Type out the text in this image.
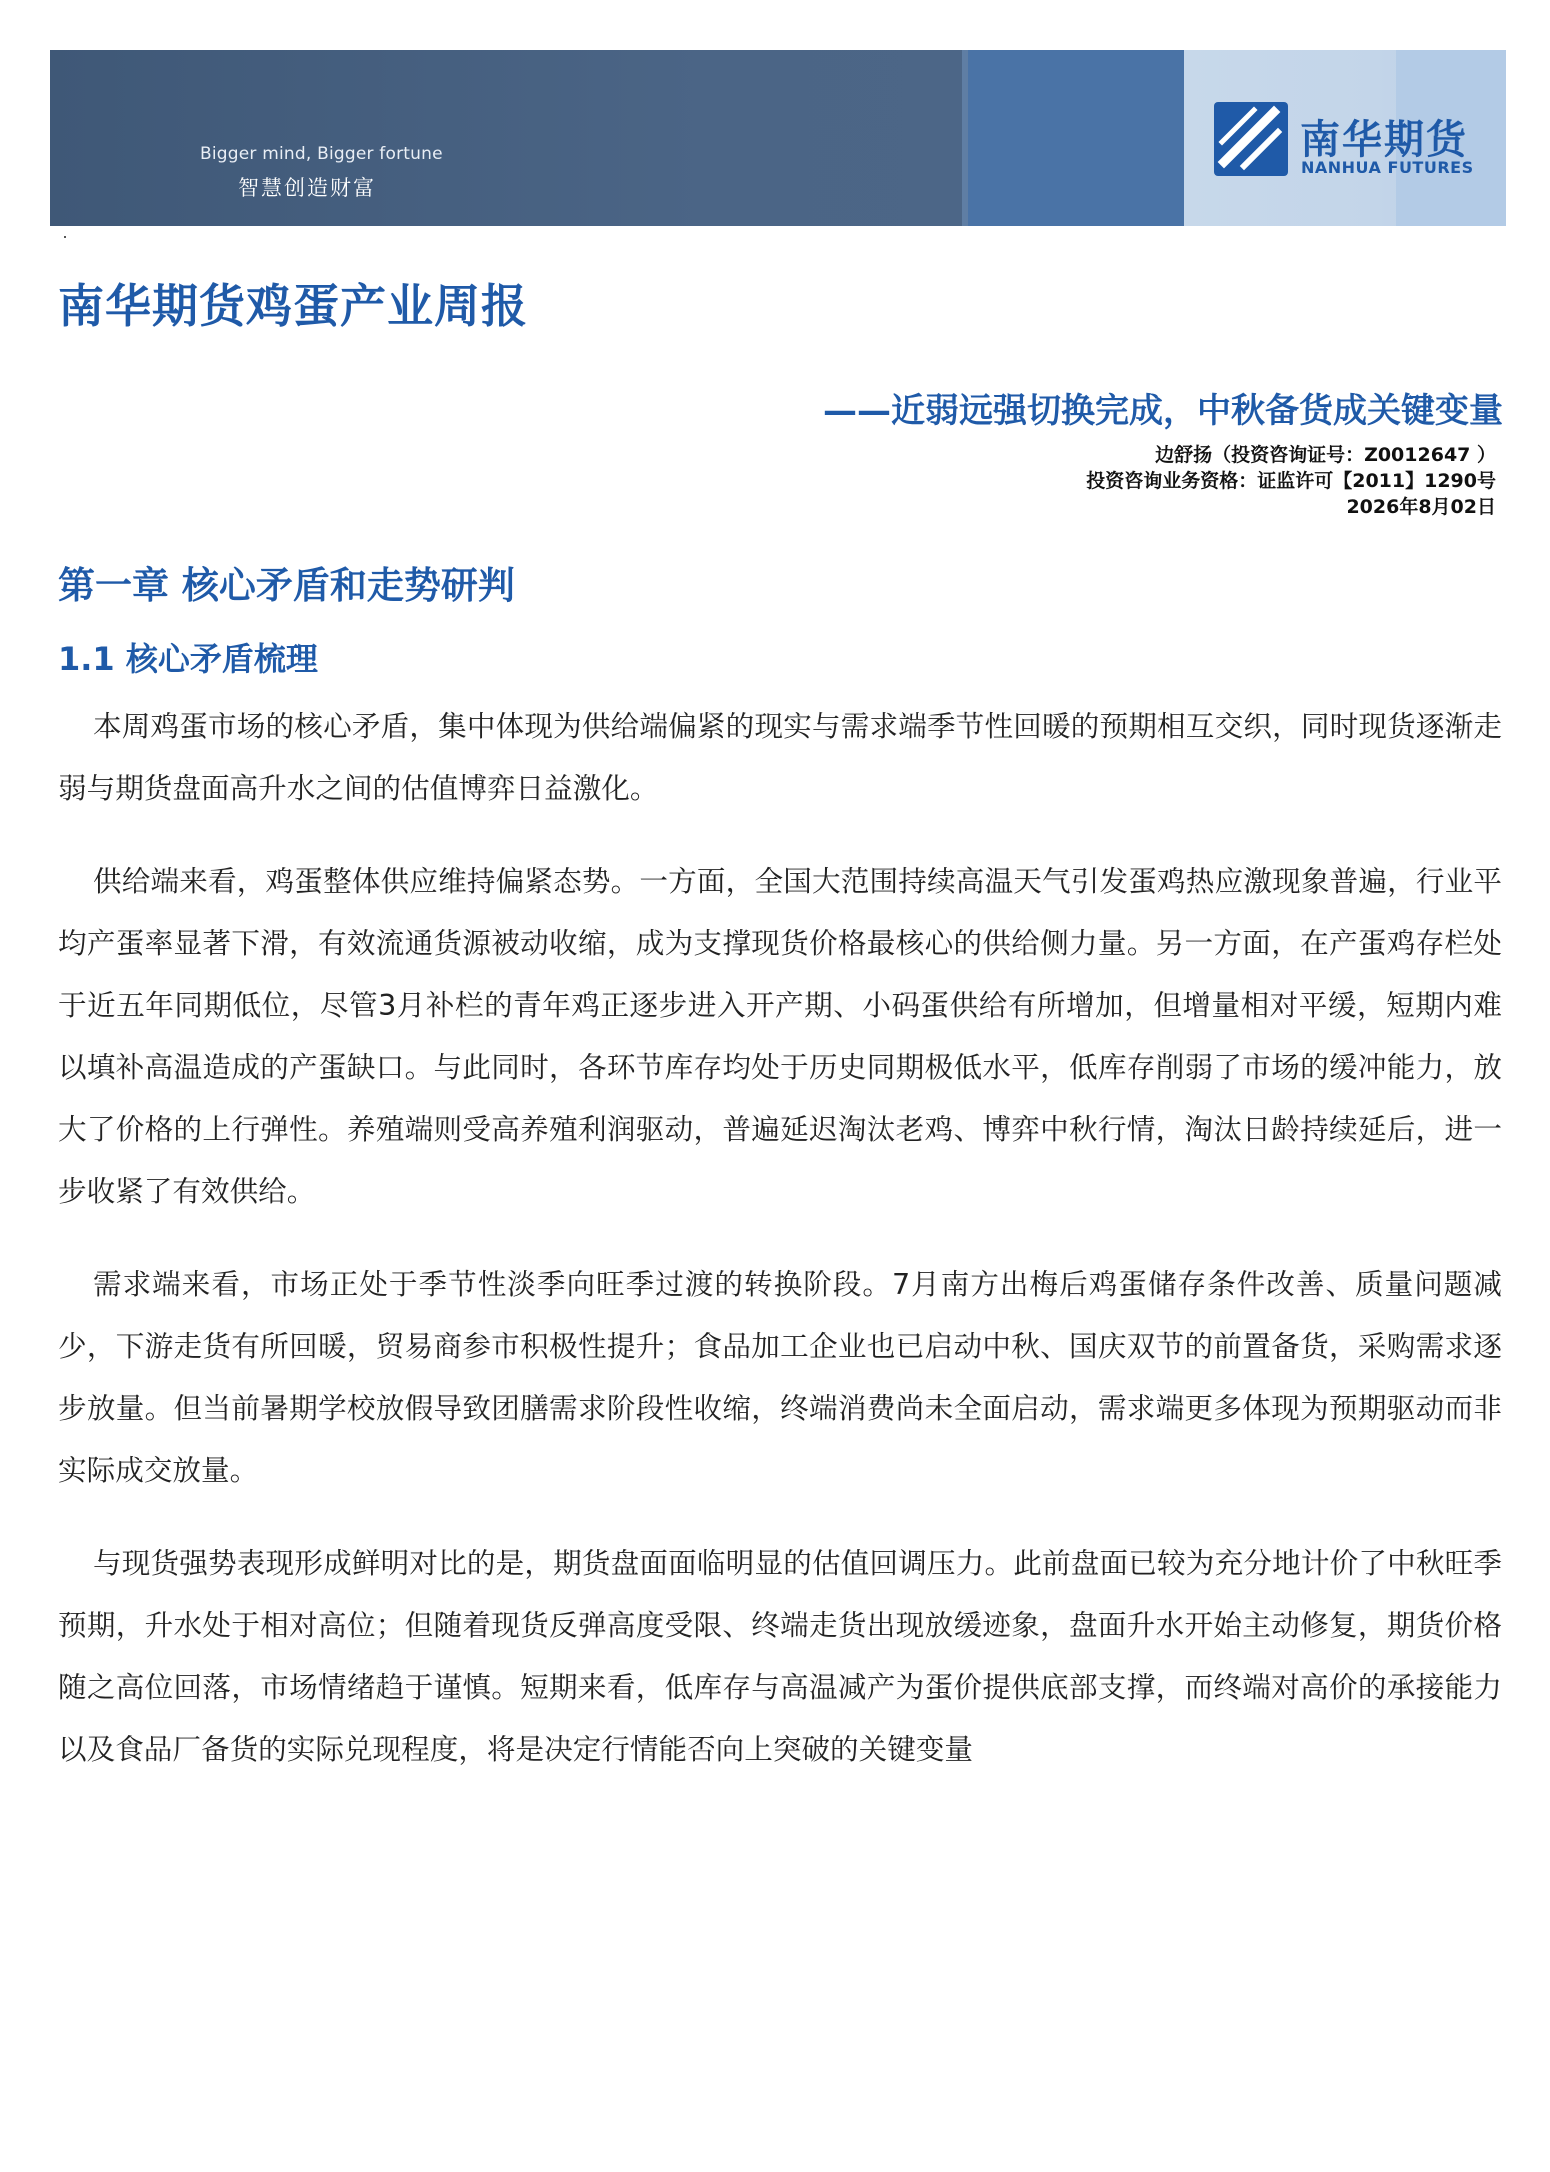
Bigger mind, Bigger fortune
智慧创造财富
南华期货
NANHUA FUTURES
南华期货鸡蛋产业周报
——近弱远强切换完成，中秋备货成关键变量
边舒扬（投资咨询证号：Z0012647 ）
投资咨询业务资格：证监许可【2011】1290号
2026年8月02日
第一章 核心矛盾和走势研判
1.1 核心矛盾梳理

本周鸡蛋市场的核心矛盾，集中体现为供给端偏紧的现实与需求端季节性回暖的预期相互交织，同时现货逐渐走弱与期货盘面高升水之间的估值博弈日益激化。

供给端来看，鸡蛋整体供应维持偏紧态势。一方面，全国大范围持续高温天气引发蛋鸡热应激现象普遍，行业平均产蛋率显著下滑，有效流通货源被动收缩，成为支撑现货价格最核心的供给侧力量。另一方面，在产蛋鸡存栏处于近五年同期低位，尽管3月补栏的青年鸡正逐步进入开产期、小码蛋供给有所增加，但增量相对平缓，短期内难以填补高温造成的产蛋缺口。与此同时，各环节库存均处于历史同期极低水平，低库存削弱了市场的缓冲能力，放大了价格的上行弹性。养殖端则受高养殖利润驱动，普遍延迟淘汰老鸡、博弈中秋行情，淘汰日龄持续延后，进一步收紧了有效供给。

需求端来看，市场正处于季节性淡季向旺季过渡的转换阶段。7月南方出梅后鸡蛋储存条件改善、质量问题减少，下游走货有所回暖，贸易商参市积极性提升；食品加工企业也已启动中秋、国庆双节的前置备货，采购需求逐步放量。但当前暑期学校放假导致团膳需求阶段性收缩，终端消费尚未全面启动，需求端更多体现为预期驱动而非实际成交放量。

与现货强势表现形成鲜明对比的是，期货盘面面临明显的估值回调压力。此前盘面已较为充分地计价了中秋旺季预期，升水处于相对高位；但随着现货反弹高度受限、终端走货出现放缓迹象，盘面升水开始主动修复，期货价格随之高位回落，市场情绪趋于谨慎。短期来看，低库存与高温减产为蛋价提供底部支撑，而终端对高价的承接能力以及食品厂备货的实际兑现程度，将是决定行情能否向上突破的关键变量
